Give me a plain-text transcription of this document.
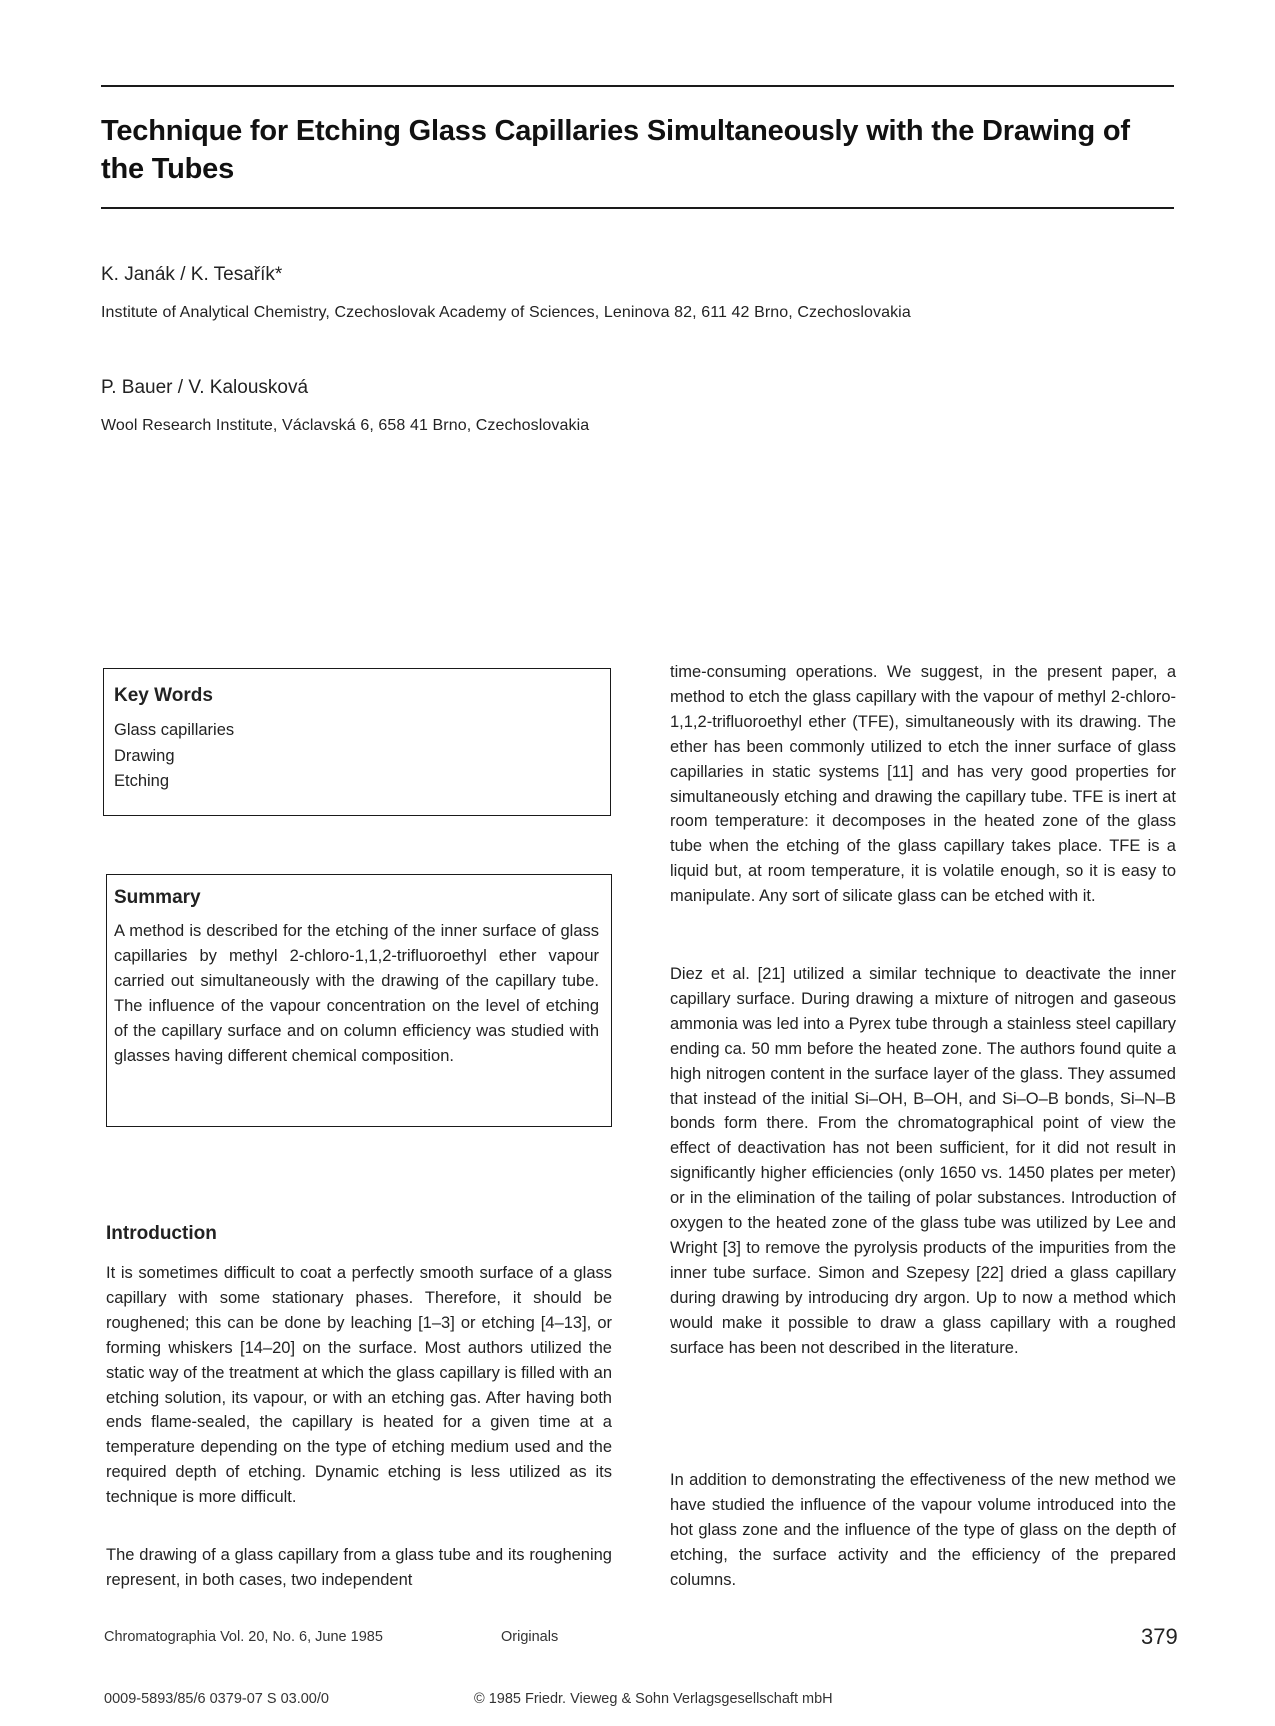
Technique for Etching Glass Capillaries Simultaneously with the Drawing of the Tubes
K. Janák / K. Tesařík*
Institute of Analytical Chemistry, Czechoslovak Academy of Sciences, Leninova 82, 611 42 Brno, Czechoslovakia
P. Bauer / V. Kalousková
Wool Research Institute, Václavská 6, 658 41 Brno, Czechoslovakia
Key Words
Glass capillaries
Drawing
Etching
Summary
A method is described for the etching of the inner surface of glass capillaries by methyl 2-chloro-1,1,2-trifluoroethyl ether vapour carried out simultaneously with the drawing of the capillary tube. The influence of the vapour concentration on the level of etching of the capillary surface and on column efficiency was studied with glasses having different chemical composition.
Introduction
It is sometimes difficult to coat a perfectly smooth surface of a glass capillary with some stationary phases. Therefore, it should be roughened; this can be done by leaching [1–3] or etching [4–13], or forming whiskers [14–20] on the surface. Most authors utilized the static way of the treatment at which the glass capillary is filled with an etching solution, its vapour, or with an etching gas. After having both ends flame-sealed, the capillary is heated for a given time at a temperature depending on the type of etching medium used and the required depth of etching. Dynamic etching is less utilized as its technique is more difficult.
The drawing of a glass capillary from a glass tube and its roughening represent, in both cases, two independent
time-consuming operations. We suggest, in the present paper, a method to etch the glass capillary with the vapour of methyl 2-chloro-1,1,2-trifluoroethyl ether (TFE), simultaneously with its drawing. The ether has been commonly utilized to etch the inner surface of glass capillaries in static systems [11] and has very good properties for simultaneously etching and drawing the capillary tube. TFE is inert at room temperature: it decomposes in the heated zone of the glass tube when the etching of the glass capillary takes place. TFE is a liquid but, at room temperature, it is volatile enough, so it is easy to manipulate. Any sort of silicate glass can be etched with it.
Diez et al. [21] utilized a similar technique to deactivate the inner capillary surface. During drawing a mixture of nitrogen and gaseous ammonia was led into a Pyrex tube through a stainless steel capillary ending ca. 50 mm before the heated zone. The authors found quite a high nitrogen content in the surface layer of the glass. They assumed that instead of the initial Si–OH, B–OH, and Si–O–B bonds, Si–N–B bonds form there. From the chromatographical point of view the effect of deactivation has not been sufficient, for it did not result in significantly higher efficiencies (only 1650 vs. 1450 plates per meter) or in the elimination of the tailing of polar substances. Introduction of oxygen to the heated zone of the glass tube was utilized by Lee and Wright [3] to remove the pyrolysis products of the impurities from the inner tube surface. Simon and Szepesy [22] dried a glass capillary during drawing by introducing dry argon. Up to now a method which would make it possible to draw a glass capillary with a roughed surface has been not described in the literature.
In addition to demonstrating the effectiveness of the new method we have studied the influence of the vapour volume introduced into the hot glass zone and the influence of the type of glass on the depth of etching, the surface activity and the efficiency of the prepared columns.
Chromatographia Vol. 20, No. 6, June 1985	Originals	379
0009-5893/85/6 0379-07 S 03.00/0	© 1985 Friedr. Vieweg & Sohn Verlagsgesellschaft mbH
